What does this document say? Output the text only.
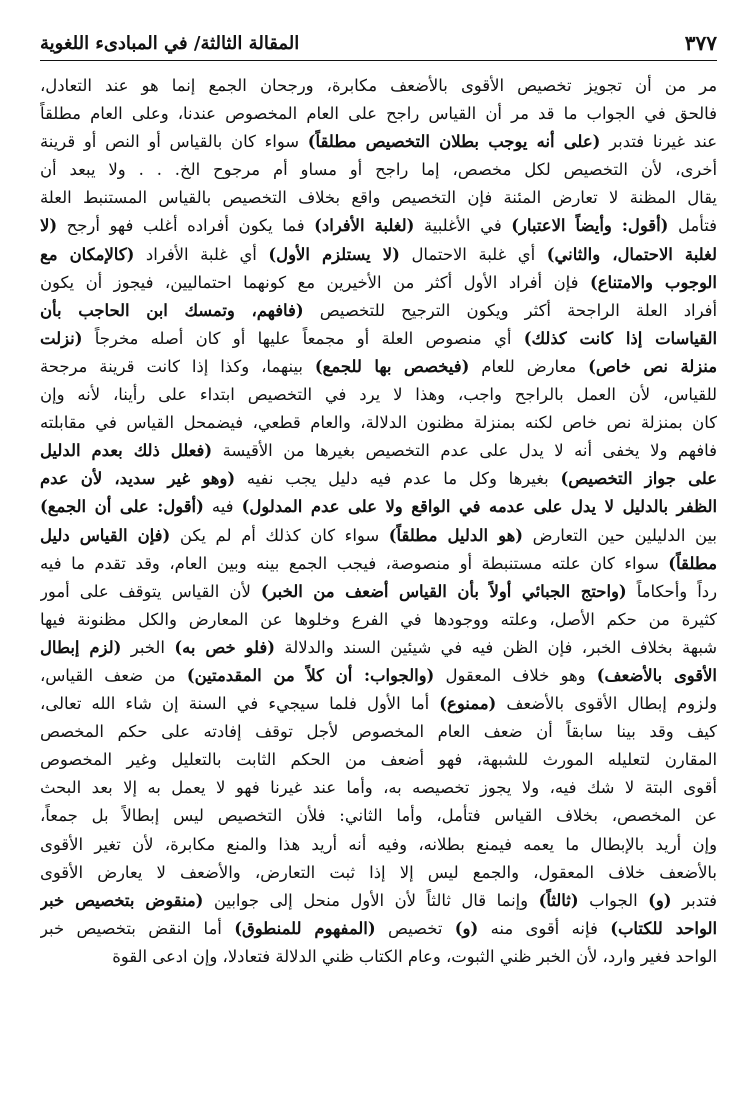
المقالة الثالثة/ في المبادىء اللغوية	٣٧٧
مر من أن تجويز تخصيص الأقوى بالأضعف مكابرة، ورجحان الجمع إنما هو عند التعادل،
فالحق في الجواب ما قد مر أن القياس راجح على العام المخصوص عندنا، وعلى العام مطلقاً
عند غيرنا فتدبر (على أنه يوجب بطلان التخصيص مطلقاً) سواء كان بالقياس أو النص أو قرينة
أخرى، لأن التخصيص لكل مخصص، إما راجح أو مساو أم مرجوح الخ. . . ولا يبعد أن
يقال المظنة لا تعارض المئنة فإن التخصيص واقع بخلاف التخصيص بالقياس المستنبط العلة
فتأمل (أقول: وأيضاً الاعتبار) في الأغلبية (لغلبة الأفراد) فما يكون أفراده أغلب فهو أرجح (لا
لغلبة الاحتمال، والثاني) أي غلبة الاحتمال (لا يستلزم الأول) أي غلبة الأفراد (كالإمكان مع
الوجوب والامتناع) فإن أفراد الأول أكثر من الأخيرين مع كونهما احتماليين، فيجوز أن يكون
أفراد العلة الراجحة أكثر ويكون الترجيح للتخصيص (فافهم، وتمسك ابن الحاجب بأن
القياسات إذا كانت كذلك) أي منصوص العلة أو مجمعاً عليها أو كان أصله مخرجاً (نزلت
منزلة نص خاص) معارض للعام (فيخصص بها للجمع) بينهما، وكذا إذا كانت قرينة مرجحة
للقياس، لأن العمل بالراجح واجب، وهذا لا يرد في التخصيص ابتداء على رأينا، لأنه وإن
كان بمنزلة نص خاص لكنه بمنزلة مظنون الدلالة، والعام قطعي، فيضمحل القياس في مقابلته
فافهم ولا يخفى أنه لا يدل على عدم التخصيص بغيرها من الأقيسة (فعلل ذلك بعدم الدليل
على جواز التخصيص) بغيرها وكل ما عدم فيه دليل يجب نفيه (وهو غير سديد، لأن عدم
الظفر بالدليل لا يدل على عدمه في الواقع ولا على عدم المدلول) فيه (أقول: على أن الجمع)
بين الدليلين حين التعارض (هو الدليل مطلقاً) سواء كان كذلك أم لم يكن (فإن القياس دليل
مطلقاً) سواء كان علته مستنبطة أو منصوصة، فيجب الجمع بينه وبين العام، وقد تقدم ما فيه
رداً وأحكاماً (واحتج الجبائي أولاً بأن القياس أضعف من الخبر) لأن القياس يتوقف على أمور
كثيرة من حكم الأصل، وعلته ووجودها في الفرع وخلوها عن المعارض والكل مظنونة فيها
شبهة بخلاف الخبر، فإن الظن فيه في شيئين السند والدلالة (فلو خص به) الخبر (لزم إبطال
الأقوى بالأضعف) وهو خلاف المعقول (والجواب: أن كلاً من المقدمتين) من ضعف القياس،
ولزوم إبطال الأقوى بالأضعف (ممنوع) أما الأول فلما سيجيء في السنة إن شاء الله تعالى،
كيف وقد بينا سابقاً أن ضعف العام المخصوص لأجل توقف إفادته على حكم المخصص
المقارن لتعليله المورث للشبهة، فهو أضعف من الحكم الثابت بالتعليل وغير المخصوص
أقوى البتة لا شك فيه، ولا يجوز تخصيصه به، وأما عند غيرنا فهو لا يعمل به إلا بعد البحث
عن المخصص، بخلاف القياس فتأمل، وأما الثاني: فلأن التخصيص ليس إبطالاً بل جمعاً،
وإن أريد بالإبطال ما يعمه فيمنع بطلانه، وفيه أنه أريد هذا والمنع مكابرة، لأن تغير الأقوى
بالأضعف خلاف المعقول، والجمع ليس إلا إذا ثبت التعارض، والأضعف لا يعارض الأقوى
فتدبر (و) الجواب (ثالثاً) وإنما قال ثالثاً لأن الأول منحل إلى جوابين (منقوض بتخصيص خبر
الواحد للكتاب) فإنه أقوى منه (و) تخصيص (المفهوم للمنطوق) أما النقض بتخصيص خبر
الواحد فغير وارد، لأن الخبر ظني الثبوت، وعام الكتاب ظني الدلالة فتعادلا، وإن ادعى القوة
